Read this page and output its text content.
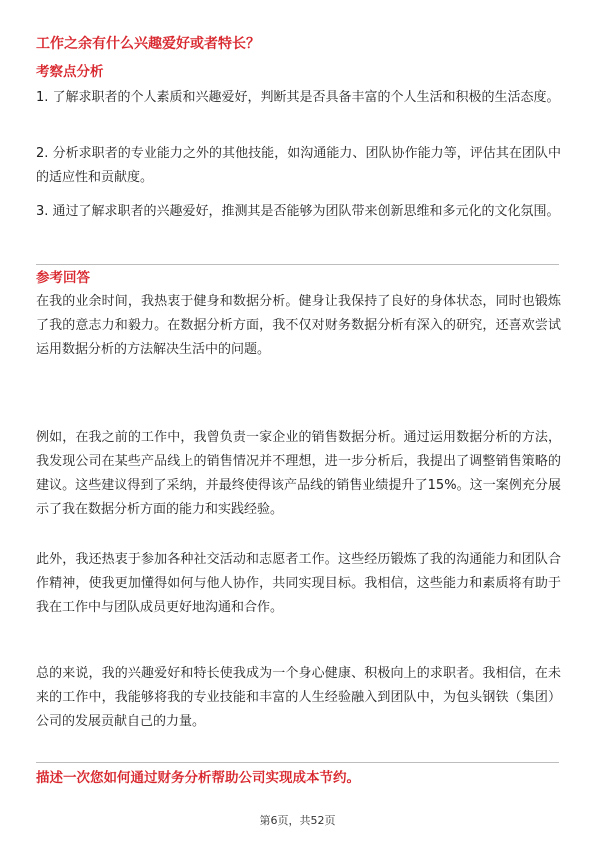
工作之余有什么兴趣爱好或者特长？
考察点分析
1. 了解求职者的个人素质和兴趣爱好，判断其是否具备丰富的个人生活和积极的生活态度。
2. 分析求职者的专业能力之外的其他技能，如沟通能力、团队协作能力等，评估其在团队中的适应性和贡献度。
3. 通过了解求职者的兴趣爱好，推测其是否能够为团队带来创新思维和多元化的文化氛围。
参考回答
在我的业余时间，我热衷于健身和数据分析。健身让我保持了良好的身体状态，同时也锻炼了我的意志力和毅力。在数据分析方面，我不仅对财务数据分析有深入的研究，还喜欢尝试运用数据分析的方法解决生活中的问题。
例如，在我之前的工作中，我曾负责一家企业的销售数据分析。通过运用数据分析的方法，我发现公司在某些产品线上的销售情况并不理想，进一步分析后，我提出了调整销售策略的建议。这些建议得到了采纳，并最终使得该产品线的销售业绩提升了15%。这一案例充分展示了我在数据分析方面的能力和实践经验。
此外，我还热衷于参加各种社交活动和志愿者工作。这些经历锻炼了我的沟通能力和团队合作精神，使我更加懂得如何与他人协作，共同实现目标。我相信，这些能力和素质将有助于我在工作中与团队成员更好地沟通和合作。
总的来说，我的兴趣爱好和特长使我成为一个身心健康、积极向上的求职者。我相信，在未来的工作中，我能够将我的专业技能和丰富的人生经验融入到团队中，为包头钢铁（集团）公司的发展贡献自己的力量。
描述一次您如何通过财务分析帮助公司实现成本节约。
第6页，共52页
